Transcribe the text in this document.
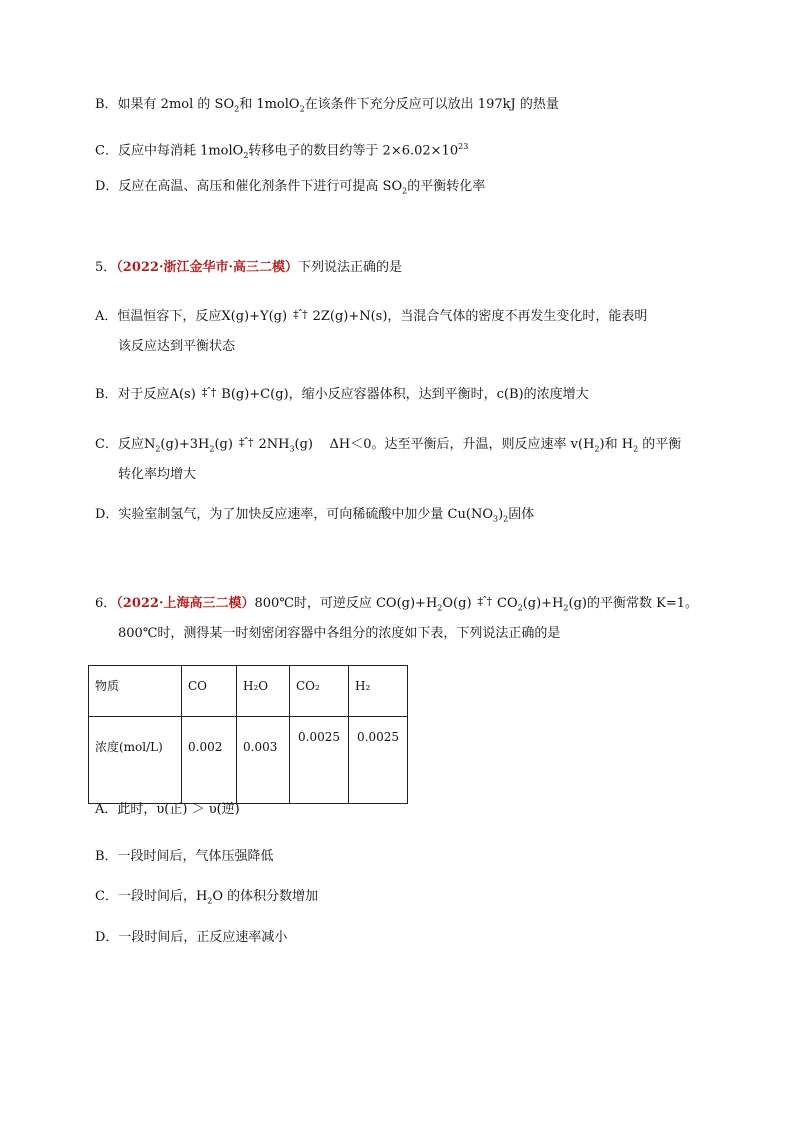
B．如果有 2mol 的 $SO_2$和 1molO$_2$在该条件下充分反应可以放出 197kJ 的热量
C．反应中每消耗 1molO$_2$转移电子的数目约等于 $2\times 6.02\times 10^{23}$
D．反应在高温、高压和催化剂条件下进行可提高 $SO_2$的平衡转化率
5．（2022·浙江金华市·高三二模）下列说法正确的是
A．恒温恒容下，反应X(g)+Y(g) ‡ˆ† 2Z(g)+N(s)，当混合气体的密度不再发生变化时，能表明
该反应达到平衡状态
B．对于反应A(s) ‡ˆ† B(g)+C(g)，缩小反应容器体积，达到平衡时，c(B)的浓度增大
C．反应$N_2(g)+3H_2(g)$ ‡ˆ† $2NH_3(g)$ ΔH＜0。达至平衡后，升温，则反应速率 $v(H_2)$和 $H_2$ 的平衡
转化率均增大
D．实验室制氢气，为了加快反应速率，可向稀硫酸中加少量 $Cu(NO_3)_2$固体
6．（2022·上海高三二模）800℃时，可逆反应 $CO(g)+H_2O(g)$ ‡ˆ† $CO_2(g)+H_2(g)$的平衡常数 K=1。
800℃时，测得某一时刻密闭容器中各组分的浓度如下表，下列说法正确的是
物质	CO	H₂O	CO₂	H₂
浓度(mol/L)	0.002	0.003	0.0025	0.0025
A．此时，υ(正) ＞ υ(逆)
B．一段时间后，气体压强降低
C．一段时间后，$H_2O$ 的体积分数增加
D．一段时间后，正反应速率减小
